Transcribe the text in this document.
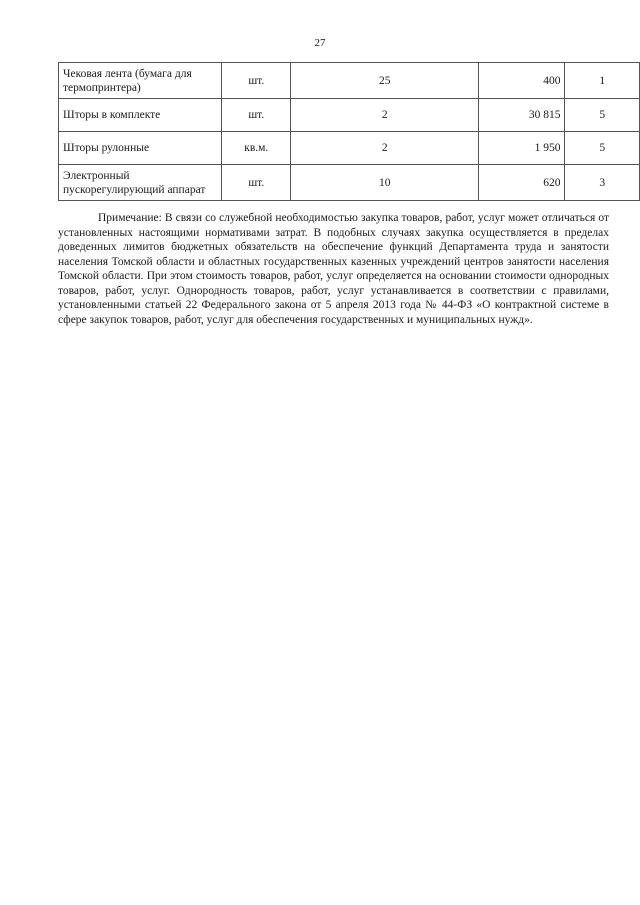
27
Чековая лента (бумага для термопринтера)	шт.	25	400	1
Шторы в комплекте	шт.	2	30 815	5
Шторы рулонные	кв.м.	2	1 950	5
Электронный пускорегулирующий аппарат	шт.	10	620	3

Примечание: В связи со служебной необходимостью закупка товаров, работ, услуг может отличаться от установленных настоящими нормативами затрат. В подобных случаях закупка осуществляется в пределах доведенных лимитов бюджетных обязательств на обеспечение функций Департамента труда и занятости населения Томской области и областных государственных казенных учреждений центров занятости населения Томской области. При этом стоимость товаров, работ, услуг определяется на основании стоимости однородных товаров, работ, услуг. Однородность товаров, работ, услуг устанавливается в соответствии с правилами, установленными статьей 22 Федерального закона от 5 апреля 2013 года № 44-ФЗ «О контрактной системе в сфере закупок товаров, работ, услуг для обеспечения государственных и муниципальных нужд».
